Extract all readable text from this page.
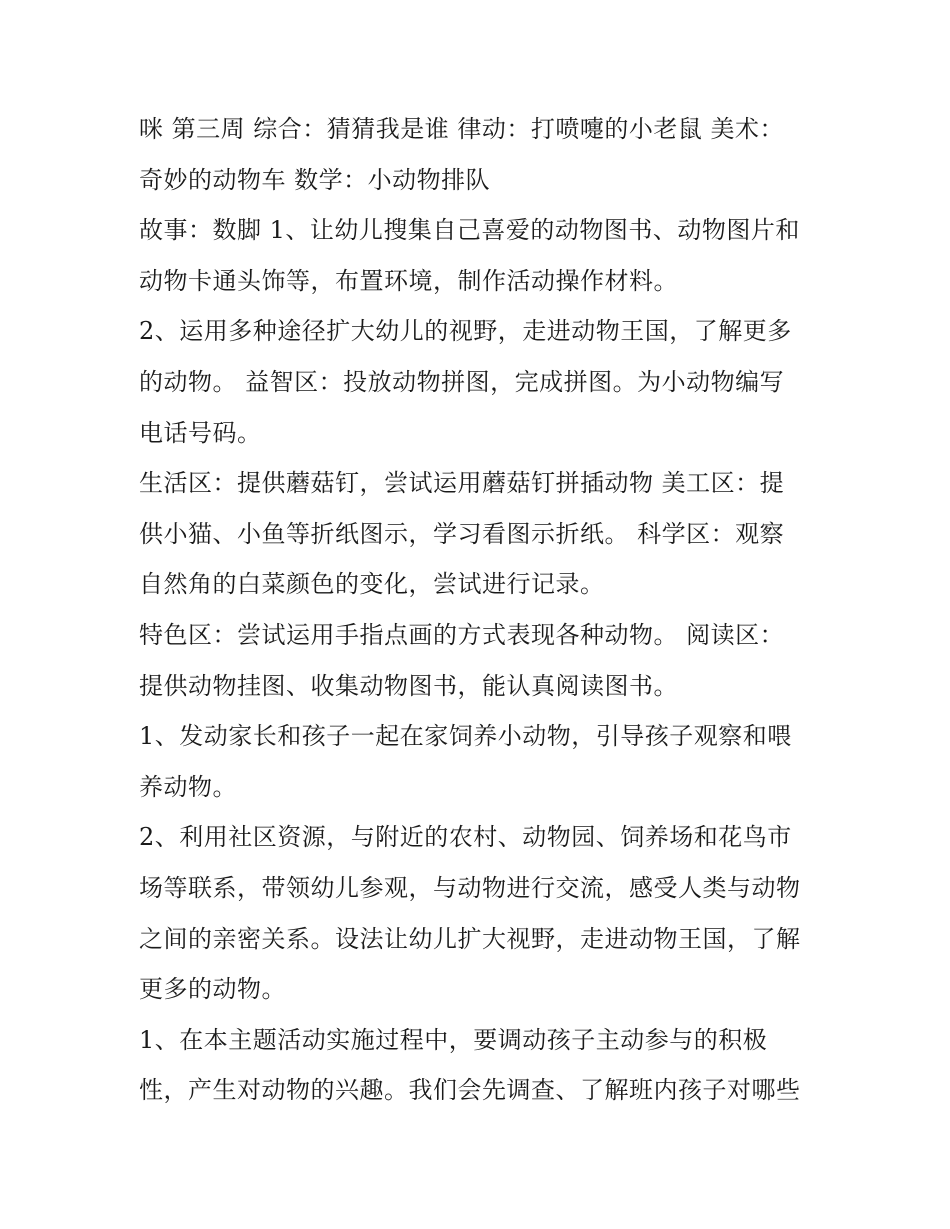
咪 第三周 综合：猜猜我是谁 律动：打喷嚏的小老鼠 美术：
奇妙的动物车 数学：小动物排队
故事：数脚 1、让幼儿搜集自己喜爱的动物图书、动物图片和
动物卡通头饰等，布置环境，制作活动操作材料。
2、运用多种途径扩大幼儿的视野，走进动物王国，了解更多
的动物。 益智区：投放动物拼图，完成拼图。为小动物编写
电话号码。
生活区：提供蘑菇钉，尝试运用蘑菇钉拼插动物 美工区：提
供小猫、小鱼等折纸图示，学习看图示折纸。 科学区：观察
自然角的白菜颜色的变化，尝试进行记录。
特色区：尝试运用手指点画的方式表现各种动物。 阅读区：
提供动物挂图、收集动物图书，能认真阅读图书。
1、发动家长和孩子一起在家饲养小动物，引导孩子观察和喂
养动物。
2、利用社区资源，与附近的农村、动物园、饲养场和花鸟市
场等联系，带领幼儿参观，与动物进行交流，感受人类与动物
之间的亲密关系。设法让幼儿扩大视野，走进动物王国，了解
更多的动物。
1、在本主题活动实施过程中，要调动孩子主动参与的积极
性，产生对动物的兴趣。我们会先调查、了解班内孩子对哪些
